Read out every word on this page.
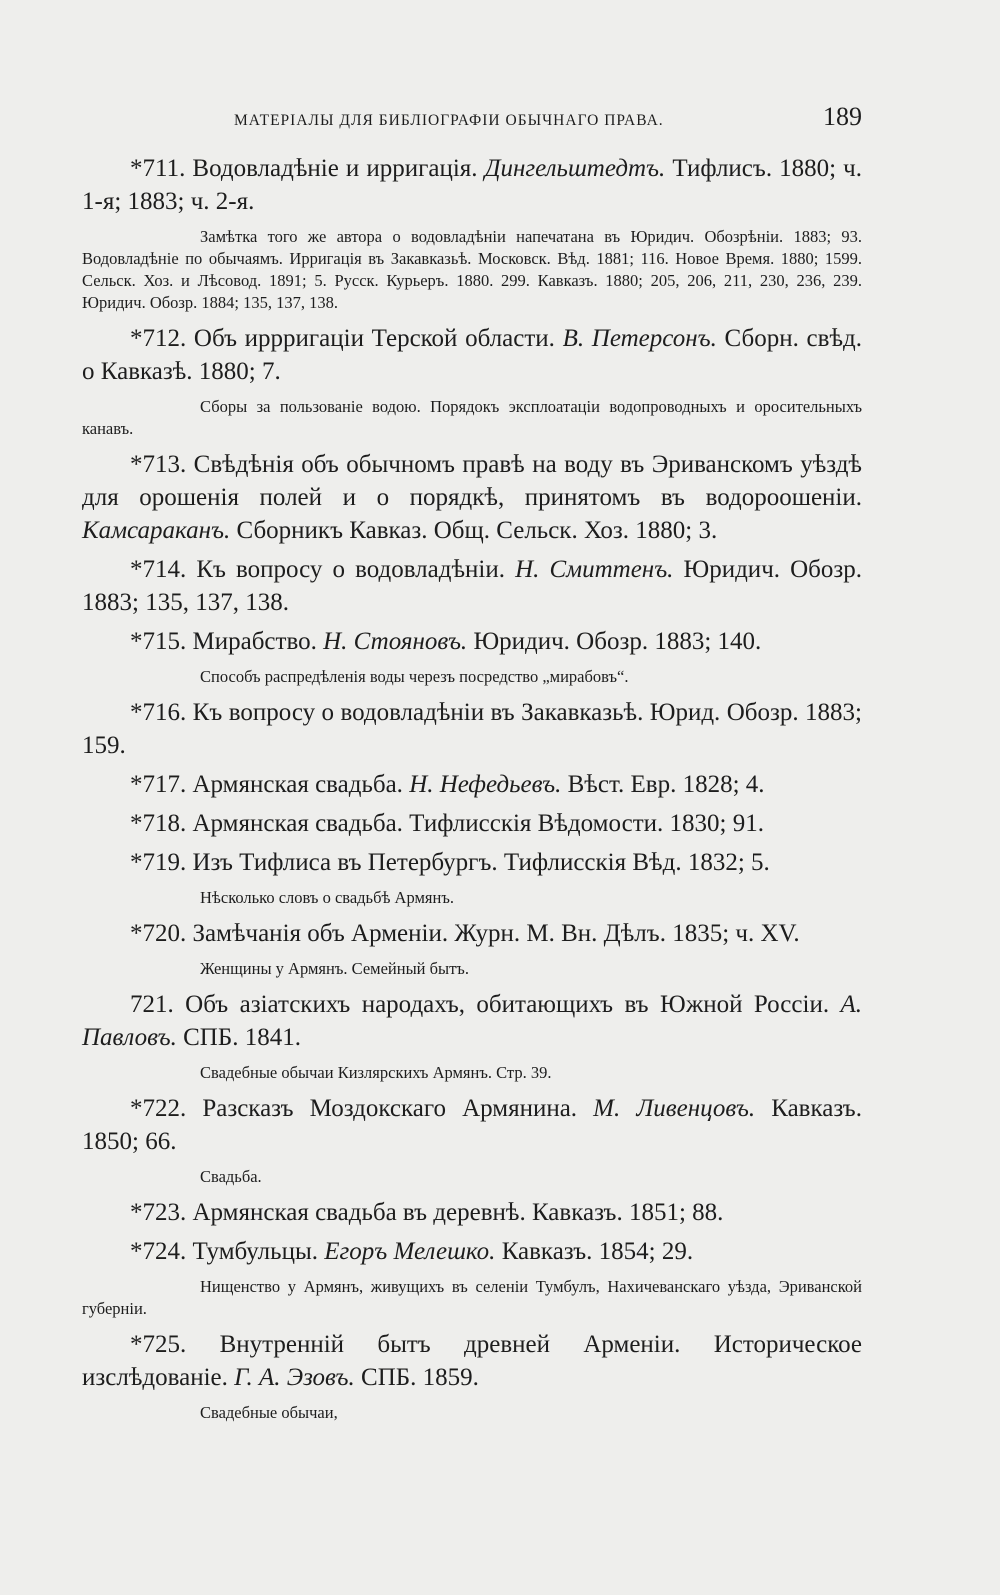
МАТЕРІАЛЫ ДЛЯ БИБЛІОГРАФІИ ОБЫЧНАГО ПРАВА.	189

*711. Водовладѣніе и ирригація. Дингельштедтъ. Тифлисъ. 1880; ч. 1-я; 1883; ч. 2-я.

Замѣтка того же автора о водовладѣніи напечатана въ Юридич. Обозрѣніи. 1883; 93. Водовладѣніе по обычаямъ. Ирригація въ Закавказьѣ. Московск. Вѣд. 1881; 116. Новое Время. 1880; 1599. Сельск. Хоз. и Лѣсовод. 1891; 5. Русск. Курьеръ. 1880. 299. Кавказъ. 1880; 205, 206, 211, 230, 236, 239. Юридич. Обозр. 1884; 135, 137, 138.

*712. Объ иррригаціи Терской области. В. Петерсонъ. Сборн. свѣд. о Кавказѣ. 1880; 7.

Сборы за пользованіе водою. Порядокъ эксплоатаціи водопроводныхъ и оросительныхъ канавъ.

*713. Свѣдѣнія объ обычномъ правѣ на воду въ Эриванскомъ уѣздѣ для орошенія полей и о порядкѣ, принятомъ въ водороошеніи. Камсараканъ. Сборникъ Кавказ. Общ. Сельск. Хоз. 1880; 3.

*714. Къ вопросу о водовладѣніи. Н. Смиттенъ. Юридич. Обозр. 1883; 135, 137, 138.

*715. Мирабство. Н. Стояновъ. Юридич. Обозр. 1883; 140.

Способъ распредѣленія воды черезъ посредство „мирабовъ“.

*716. Къ вопросу о водовладѣніи въ Закавказьѣ. Юрид. Обозр. 1883; 159.

*717. Армянская свадьба. Н. Нефедьевъ. Вѣст. Евр. 1828; 4.

*718. Армянская свадьба. Тифлисскія Вѣдомости. 1830; 91.

*719. Изъ Тифлиса въ Петербургъ. Тифлисскія Вѣд. 1832; 5.

Нѣсколько словъ о свадьбѣ Армянъ.

*720. Замѣчанія объ Арменіи. Журн. М. Вн. Дѣлъ. 1835; ч. XV.

Женщины у Армянъ. Семейный бытъ.

721. Объ азіатскихъ народахъ, обитающихъ въ Южной Россіи. А. Павловъ. СПБ. 1841.

Свадебные обычаи Кизлярскихъ Армянъ. Стр. 39.

*722. Разсказъ Моздокскаго Армянина. М. Ливенцовъ. Кавказъ. 1850; 66.

Свадьба.

*723. Армянская свадьба въ деревнѣ. Кавказъ. 1851; 88.

*724. Тумбульцы. Егоръ Мелешко. Кавказъ. 1854; 29.

Нищенство у Армянъ, живущихъ въ селеніи Тумбулъ, Нахичеванскаго уѣзда, Эриванской губерніи.

*725. Внутренній бытъ древней Арменіи. Историческое изслѣдованіе. Г. А. Эзовъ. СПБ. 1859.

Свадебные обычаи,
